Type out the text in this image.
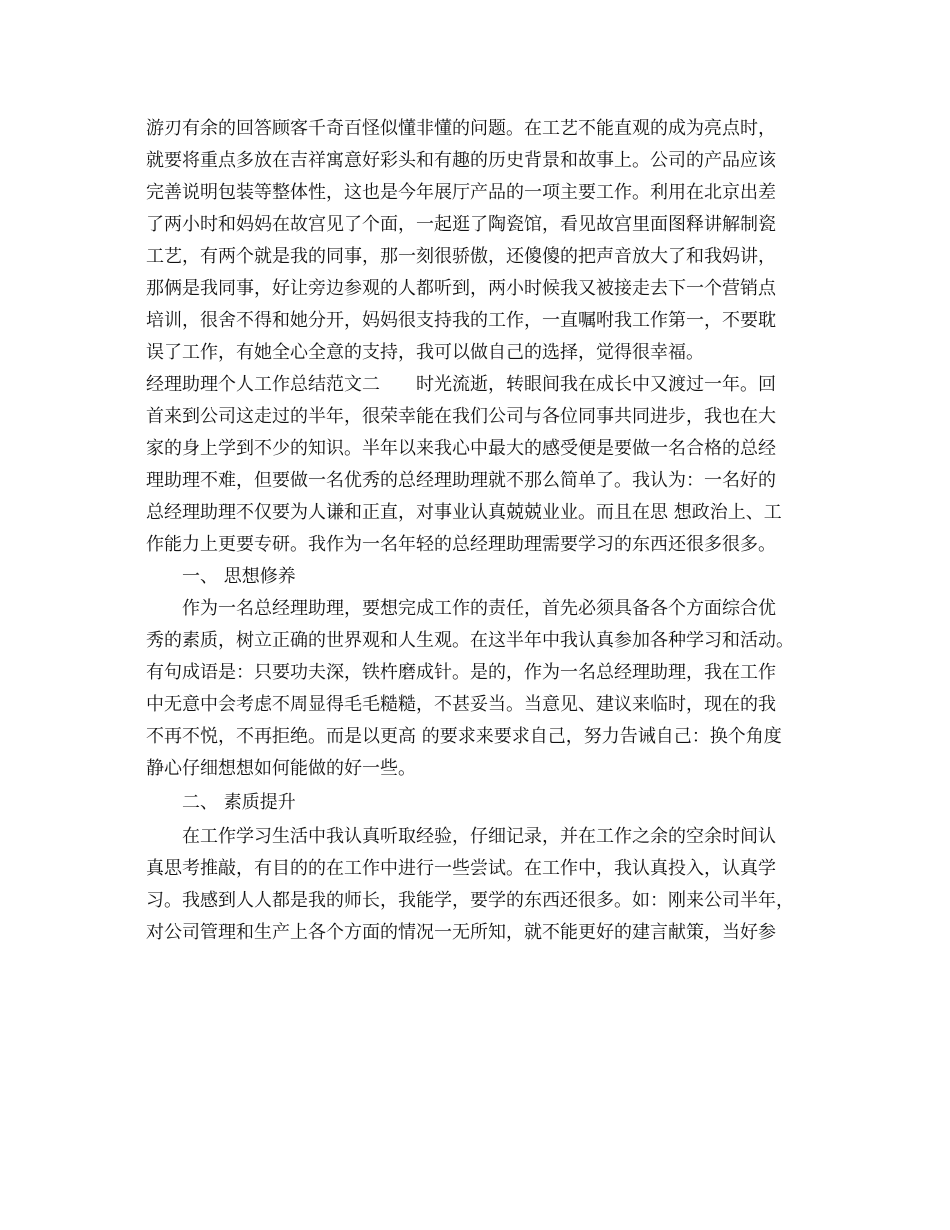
游刃有余的回答顾客千奇百怪似懂非懂的问题。在工艺不能直观的成为亮点时，
就要将重点多放在吉祥寓意好彩头和有趣的历史背景和故事上。公司的产品应该
完善说明包装等整体性，这也是今年展厅产品的一项主要工作。利用在北京出差
了两小时和妈妈在故宫见了个面，一起逛了陶瓷馆，看见故宫里面图释讲解制瓷
工艺，有两个就是我的同事，那一刻很骄傲，还傻傻的把声音放大了和我妈讲，
那俩是我同事，好让旁边参观的人都听到，两小时候我又被接走去下一个营销点
培训，很舍不得和她分开，妈妈很支持我的工作，一直嘱咐我工作第一，不要耽
误了工作，有她全心全意的支持，我可以做自己的选择，觉得很幸福。
经理助理个人工作总结范文二　　时光流逝，转眼间我在成长中又渡过一年。回
首来到公司这走过的半年，很荣幸能在我们公司与各位同事共同进步，我也在大
家的身上学到不少的知识。半年以来我心中最大的感受便是要做一名合格的总经
理助理不难，但要做一名优秀的总经理助理就不那么简单了。我认为：一名好的
总经理助理不仅要为人谦和正直，对事业认真兢兢业业。而且在思 想政治上、工
作能力上更要专研。我作为一名年轻的总经理助理需要学习的东西还很多很多。
一、 思想修养
作为一名总经理助理，要想完成工作的责任，首先必须具备各个方面综合优
秀的素质，树立正确的世界观和人生观。在这半年中我认真参加各种学习和活动。
有句成语是：只要功夫深，铁杵磨成针。是的，作为一名总经理助理，我在工作
中无意中会考虑不周显得毛毛糙糙，不甚妥当。当意见、建议来临时，现在的我
不再不悦，不再拒绝。而是以更高 的要求来要求自己，努力告诫自己：换个角度
静心仔细想想如何能做的好一些。
二、 素质提升
在工作学习生活中我认真听取经验，仔细记录，并在工作之余的空余时间认
真思考推敲，有目的的在工作中进行一些尝试。在工作中，我认真投入，认真学
习。我感到人人都是我的师长，我能学，要学的东西还很多。如：刚来公司半年，
对公司管理和生产上各个方面的情况一无所知，就不能更好的建言献策，当好参
